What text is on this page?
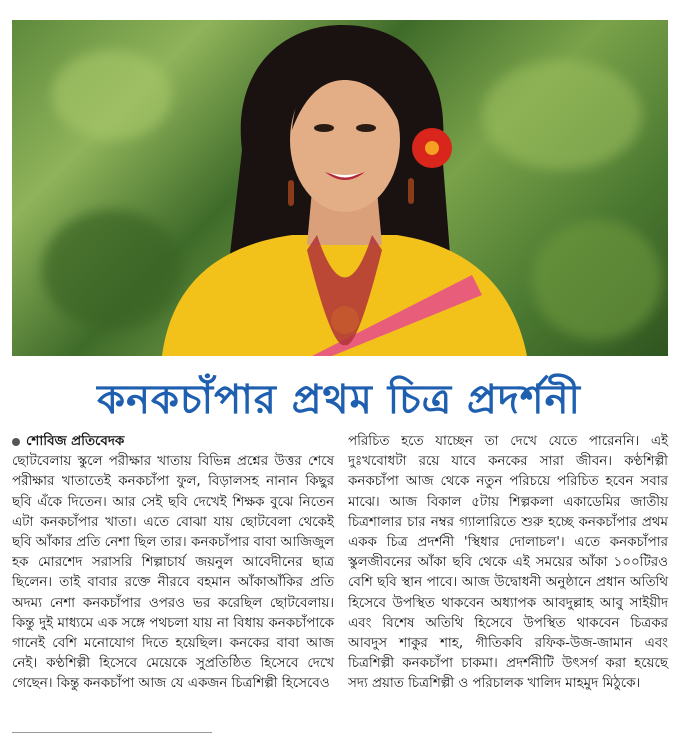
কনকচাঁপার প্রথম চিত্র প্রদর্শনী
শোবিজ প্রতিবেদক
ছোটবেলায় স্কুলে পরীক্ষার খাতায় বিভিন্ন প্রশ্নের উত্তর শেষে পরীক্ষার খাতাতেই কনকচাঁপা ফুল, বিড়ালসহ নানান কিছুর ছবি এঁকে দিতেন। আর সেই ছবি দেখেই শিক্ষক বুঝে নিতেন এটা কনকচাঁপার খাতা। এতে বোঝা যায় ছোটবেলা থেকেই ছবি আঁকার প্রতি নেশা ছিল তার। কনকচাঁপার বাবা আজিজুল হক মোরশেদ সরাসরি শিল্পাচার্য জয়নুল আবেদীনের ছাত্র ছিলেন। তাই বাবার রক্তে নীরবে বহমান আঁকাআঁকির প্রতি অদম্য নেশা কনকচাঁপার ওপরও ভর করেছিল ছোটবেলায়। কিন্তু দুই মাধ্যমে এক সঙ্গে পথচলা যায় না বিধায় কনকচাঁপাকে গানেই বেশি মনোযোগ দিতে হয়েছিল। কনকের বাবা আজ নেই। কণ্ঠশিল্পী হিসেবে মেয়েকে সুপ্রতিষ্ঠিত হিসেবে দেখে গেছেন। কিন্তু কনকচাঁপা আজ যে একজন চিত্রশিল্পী হিসেবেও
পরিচিত হতে যাচ্ছেন তা দেখে যেতে পারেননি। এই দুঃখবোধটা রয়ে যাবে কনকের সারা জীবন। কণ্ঠশিল্পী কনকচাঁপা আজ থেকে নতুন পরিচয়ে পরিচিত হবেন সবার মাঝে। আজ বিকাল ৫টায় শিল্পকলা একাডেমির জাতীয় চিত্রশালার চার নম্বর গ্যালারিতে শুরু হচ্ছে কনকচাঁপার প্রথম একক চিত্র প্রদর্শনী 'স্থিধার দোলাচল'। এতে কনকচাঁপার স্কুলজীবনের আঁকা ছবি থেকে এই সময়ের আঁকা ১০০টিরও বেশি ছবি স্থান পাবে। আজ উদ্বোধনী অনুষ্ঠানে প্রধান অতিথি হিসেবে উপস্থিত থাকবেন অধ্যাপক আবদুল্লাহ আবু সাইয়ীদ এবং বিশেষ অতিথি হিসেবে উপস্থিত থাকবেন চিত্রকর আবদুস শাকুর শাহ, গীতিকবি রফিক-উজ-জামান এবং চিত্রশিল্পী কনকচাঁপা চাকমা। প্রদর্শনীটি উৎসর্গ করা হয়েছে সদ্য প্রয়াত চিত্রশিল্পী ও পরিচালক খালিদ মাহমুদ মিঠুকে।
